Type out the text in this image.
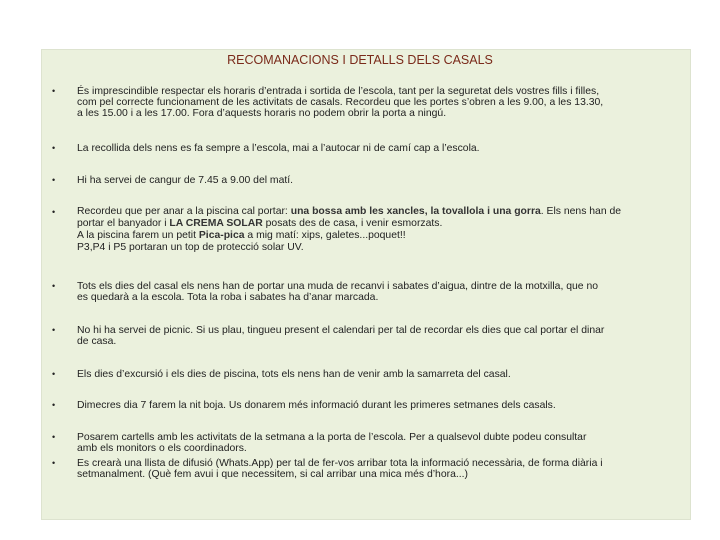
RECOMANACIONS I DETALLS DELS CASALS
• És imprescindible respectar els horaris d’entrada i sortida de l’escola, tant per la seguretat dels vostres fills i filles,
com pel correcte funcionament de les activitats de casals. Recordeu que les portes s’obren a les 9.00, a les 13.30,
a les 15.00 i a les 17.00. Fora d’aquests horaris no podem obrir la porta a ningú.
• La recollida dels nens es fa sempre a l’escola, mai a l’autocar ni de camí cap a l’escola.
• Hi ha servei de cangur de 7.45 a 9.00 del matí.
• Recordeu que per anar a la piscina cal portar: una bossa amb les xancles, la tovallola i una gorra. Els nens han de
portar el banyador i LA CREMA SOLAR posats des de casa, i venir esmorzats.
A la piscina farem un petit Pica-pica a mig matí: xips, galetes...poquet!!
P3,P4 i P5 portaran un top de protecció solar UV.
• Tots els dies del casal els nens han de portar una muda de recanvi i sabates d’aigua, dintre de la motxilla, que no
es quedarà a la escola. Tota la roba i sabates ha d’anar marcada.
• No hi ha servei de picnic. Si us plau, tingueu present el calendari per tal de recordar els dies que cal portar el dinar
de casa.
• Els dies d’excursió i els dies de piscina, tots els nens han de venir amb la samarreta del casal.
• Dimecres dia 7 farem la nit boja. Us donarem més informació durant les primeres setmanes dels casals.
• Posarem cartells amb les activitats de la setmana a la porta de l’escola. Per a qualsevol dubte podeu consultar
amb els monitors o els coordinadors.
• Es crearà una llista de difusió (Whats.App) per tal de fer-vos arribar tota la informació necessària, de forma diària i
setmanalment. (Què fem avui i que necessitem, si cal arribar una mica més d’hora...)
